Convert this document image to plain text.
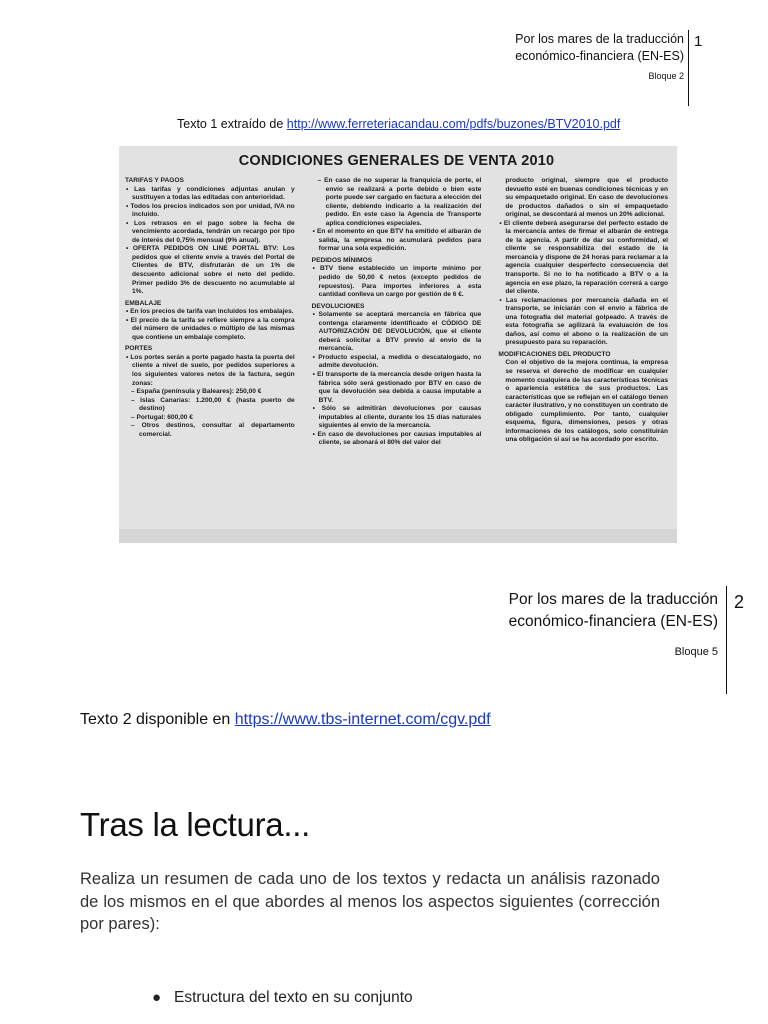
Por los mares de la traducción
económico-financiera (EN-ES)
Bloque 2
1
Texto 1 extraído de http://www.ferreteriacandau.com/pdfs/buzones/BTV2010.pdf
CONDICIONES GENERALES DE VENTA 2010
TARIFAS Y PAGOS

• Las tarifas y condiciones adjuntas anulan y sustituyen a todas las editadas con anterioridad.

• Todos los precios indicados son por unidad, IVA no incluido.

• Los retrasos en el pago sobre la fecha de vencimiento acordada, tendrán un recargo por tipo de interés del 0,75% mensual (9% anual).

• OFERTA PEDIDOS ON LINE PORTAL BTV: Los pedidos que el cliente envíe a través del Portal de Clientes de BTV, disfrutarán de un 1% de descuento adicional sobre el neto del pedido. Primer pedido 3% de descuento no acumulable al 1%.

EMBALAJE

• En los precios de tarifa van incluidos los embalajes.

• El precio de la tarifa se refiere siempre a la compra del número de unidades o múltiplo de las mismas que contiene un embalaje completo.

PORTES

• Los portes serán a porte pagado hasta la puerta del cliente a nivel de suelo, por pedidos superiores a los siguientes valores netos de la factura, según zonas:

– España (península y Baleares): 250,00 €

– Islas Canarias: 1.200,00 € (hasta puerto de destino)

– Portugal: 600,00 €

– Otros destinos, consultar al departamento comercial.

– En caso de no superar la franquicia de porte, el envío se realizará a porte debido o bien este porte puede ser cargado en factura a elección del cliente, debiendo indicarlo a la realización del pedido. En este caso la Agencia de Transporte aplica condiciones especiales.

• En el momento en que BTV ha emitido el albarán de salida, la empresa no acumulará pedidos para formar una sola expedición.

PEDIDOS MÍNIMOS

• BTV tiene establecido un importe mínimo por pedido de 50,00 € netos (excepto pedidos de repuestos). Para importes inferiores a esta cantidad conlleva un cargo por gestión de 6 €.

DEVOLUCIONES

• Solamente se aceptará mercancía en fábrica que contenga claramente identificado el CÓDIGO DE AUTORIZACIÓN DE DEVOLUCIÓN, que el cliente deberá solicitar a BTV previo al envío de la mercancía.

• Producto especial, a medida o descatalogado, no admite devolución.

• El transporte de la mercancía desde origen hasta la fábrica sólo será gestionado por BTV en caso de que la devolución sea debida a causa imputable a BTV.

• Sólo se admitirán devoluciones por causas imputables al cliente, durante los 15 días naturales siguientes al envío de la mercancía.

• En caso de devoluciones por causas imputables al cliente, se abonará el 80% del valor del

producto original, siempre que el producto devuelto esté en buenas condiciones técnicas y en su empaquetado original. En caso de devoluciones de productos dañados o sin el empaquetado original, se descontará al menos un 20% adicional.

• El cliente deberá asegurarse del perfecto estado de la mercancía antes de firmar el albarán de entrega de la agencia. A partir de dar su conformidad, el cliente se responsabiliza del estado de la mercancía y dispone de 24 horas para reclamar a la agencia cualquier desperfecto consecuencia del transporte. Si no lo ha notificado a BTV o a la agencia en ese plazo, la reparación correrá a cargo del cliente.

• Las reclamaciones por mercancía dañada en el transporte, se iniciarán con el envío a fábrica de una fotografía del material golpeado. A través de esta fotografía se agilizará la evaluación de los daños, así como el abono o la realización de un presupuesto para su reparación.

MODIFICACIONES DEL PRODUCTO

Con el objetivo de la mejora continua, la empresa se reserva el derecho de modificar en cualquier momento cualquiera de las características técnicas o apariencia estética de sus productos. Las características que se reflejan en el catálogo tienen carácter ilustrativo, y no constituyen un contrato de obligado cumplimiento. Por tanto, cualquier esquema, figura, dimensiones, pesos y otras informaciones de los catálogos, solo constituirán una obligación si así se ha acordado por escrito.

Por los mares de la traducción
económico-financiera (EN-ES)
Bloque 5
2
Texto 2 disponible en https://www.tbs-internet.com/cgv.pdf
Tras la lectura...
Realiza un resumen de cada uno de los textos y redacta un análisis razonado de los mismos en el que abordes al menos los aspectos siguientes (corrección por pares):
● Estructura del texto en su conjunto
